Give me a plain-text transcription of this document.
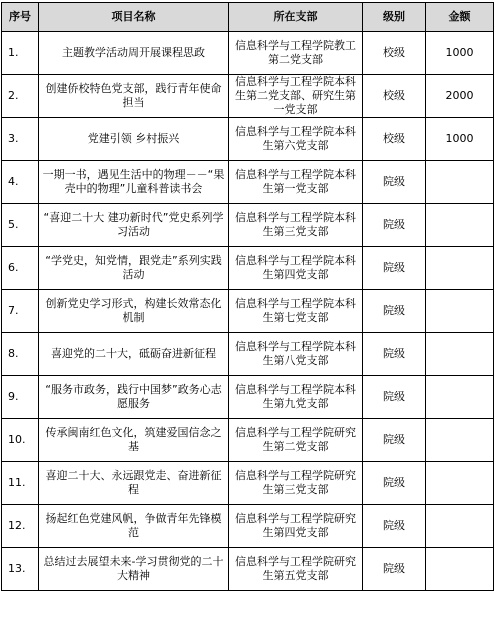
序号	项目名称	所在支部	级别	金额
1.	主题教学活动周开展课程思政	信息科学与工程学院教工第二党支部	校级	1000
2.	创建侨校特色党支部，践行青年使命担当	信息科学与工程学院本科生第二党支部、研究生第一党支部	校级	2000
3.	党建引领 乡村振兴	信息科学与工程学院本科生第六党支部	校级	1000
4.	一期一书，遇见生活中的物理－－“果壳中的物理”儿童科普读书会	信息科学与工程学院本科生第一党支部	院级	
5.	“喜迎二十大 建功新时代”党史系列学习活动	信息科学与工程学院本科生第三党支部	院级	
6.	“学党史，知党情，跟党走”系列实践活动	信息科学与工程学院本科生第四党支部	院级	
7.	创新党史学习形式，构建长效常态化机制	信息科学与工程学院本科生第七党支部	院级	
8.	喜迎党的二十大，砥砺奋进新征程	信息科学与工程学院本科生第八党支部	院级	
9.	“服务市政务，践行中国梦”政务心志愿服务	信息科学与工程学院本科生第九党支部	院级	
10.	传承闽南红色文化，筑建爱国信念之基	信息科学与工程学院研究生第二党支部	院级	
11.	喜迎二十大、永远跟党走、奋进新征程	信息科学与工程学院研究生第三党支部	院级	
12.	扬起红色党建风帆，争做青年先锋模范	信息科学与工程学院研究生第四党支部	院级	
13.	总结过去展望未来-学习贯彻党的二十大精神	信息科学与工程学院研究生第五党支部	院级	
